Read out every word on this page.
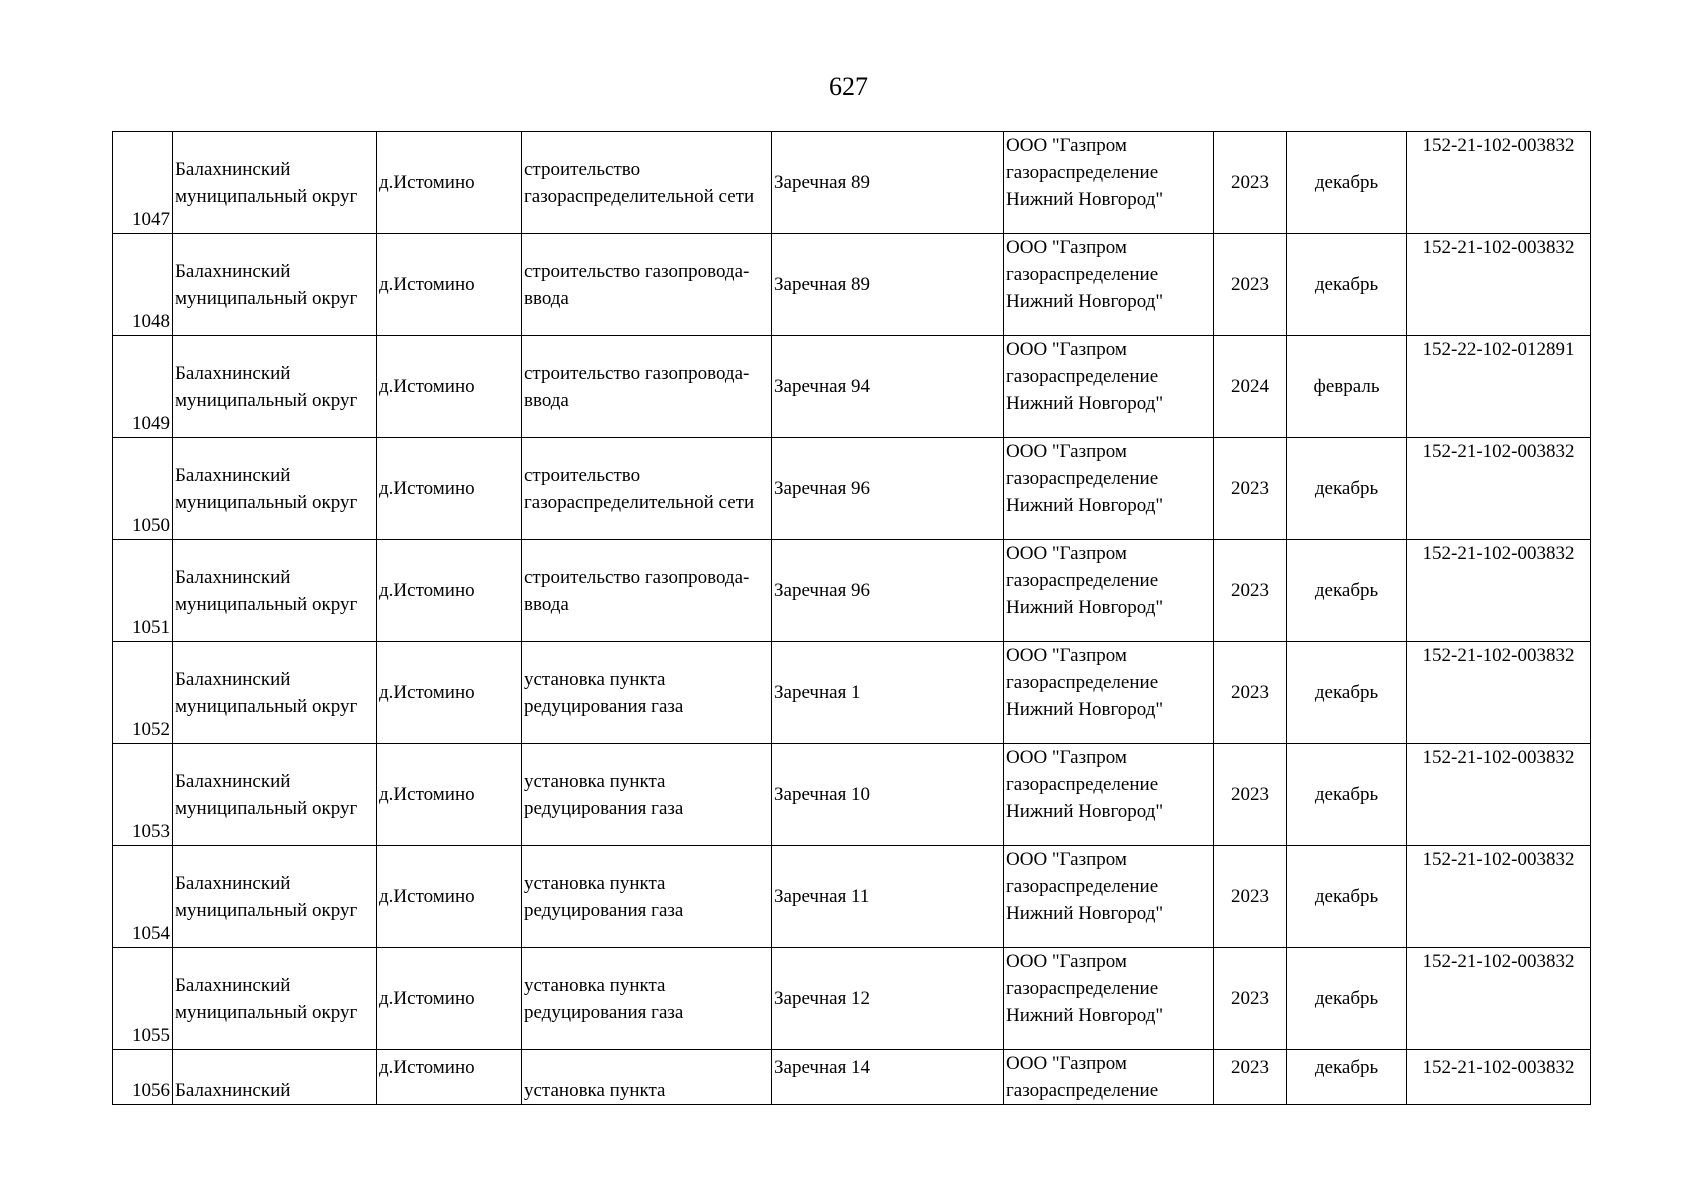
627
1047	Балахнинский
муниципальный округ	д.Истомино	строительство
газораспределительной сети	Заречная 89	ООО "Газпром
газораспределение
Нижний Новгород"	2023	декабрь	152-21-102-003832

1048	Балахнинский
муниципальный округ	д.Истомино	строительство газопровода-
ввода	Заречная 89	ООО "Газпром
газораспределение
Нижний Новгород"	2023	декабрь	152-21-102-003832

1049	Балахнинский
муниципальный округ	д.Истомино	строительство газопровода-
ввода	Заречная 94	ООО "Газпром
газораспределение
Нижний Новгород"	2024	февраль	152-22-102-012891

1050	Балахнинский
муниципальный округ	д.Истомино	строительство
газораспределительной сети	Заречная 96	ООО "Газпром
газораспределение
Нижний Новгород"	2023	декабрь	152-21-102-003832

1051	Балахнинский
муниципальный округ	д.Истомино	строительство газопровода-
ввода	Заречная 96	ООО "Газпром
газораспределение
Нижний Новгород"	2023	декабрь	152-21-102-003832

1052	Балахнинский
муниципальный округ	д.Истомино	установка пункта
редуцирования газа	Заречная 1	ООО "Газпром
газораспределение
Нижний Новгород"	2023	декабрь	152-21-102-003832

1053	Балахнинский
муниципальный округ	д.Истомино	установка пункта
редуцирования газа	Заречная 10	ООО "Газпром
газораспределение
Нижний Новгород"	2023	декабрь	152-21-102-003832

1054	Балахнинский
муниципальный округ	д.Истомино	установка пункта
редуцирования газа	Заречная 11	ООО "Газпром
газораспределение
Нижний Новгород"	2023	декабрь	152-21-102-003832

1055	Балахнинский
муниципальный округ	д.Истомино	установка пункта
редуцирования газа	Заречная 12	ООО "Газпром
газораспределение
Нижний Новгород"	2023	декабрь	152-21-102-003832

1056	Балахнинский	д.Истомино	установка пункта	Заречная 14	ООО "Газпром
газораспределение	2023	декабрь	152-21-102-003832
